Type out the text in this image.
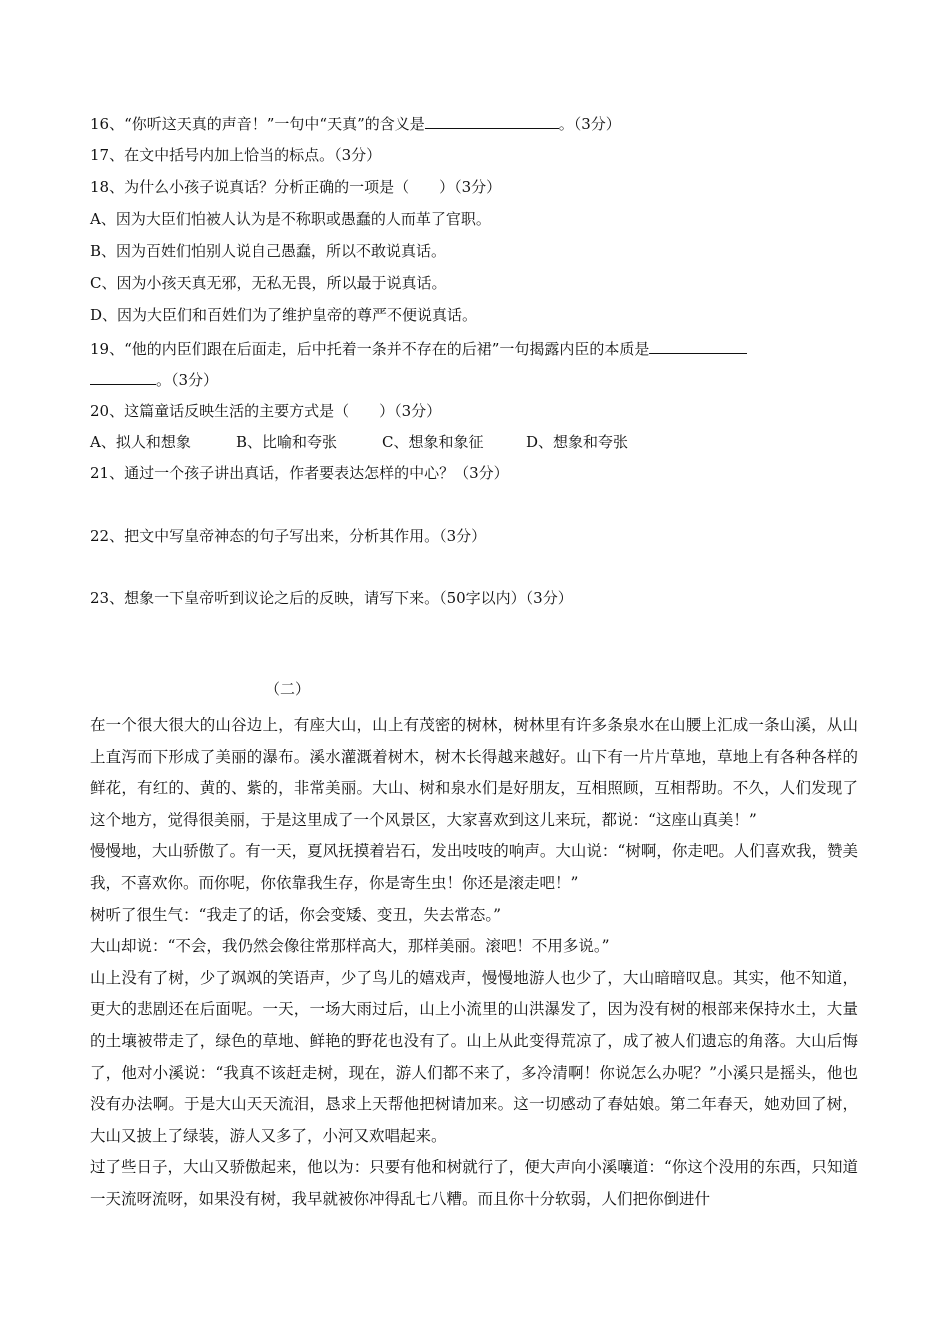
16、“你听这天真的声音！”一句中“天真”的含义是	。（3分）
17、在文中括号内加上恰当的标点。（3分）
18、为什么小孩子说真话？分析正确的一项是（　　）（3分）
A、因为大臣们怕被人认为是不称职或愚蠢的人而革了官职。
B、因为百姓们怕别人说自己愚蠢，所以不敢说真话。
C、因为小孩天真无邪，无私无畏，所以最于说真话。
D、因为大臣们和百姓们为了维护皇帝的尊严不便说真话。
19、“他的内臣们跟在后面走，后中托着一条并不存在的后裙”一句揭露内臣的本质是
。（3分）
20、这篇童话反映生活的主要方式是（　　）（3分）
A、拟人和想象	B、比喻和夸张	C、想象和象征	D、想象和夸张
21、通过一个孩子讲出真话，作者要表达怎样的中心？（3分）
22、把文中写皇帝神态的句子写出来，分析其作用。（3分）
23、想象一下皇帝听到议论之后的反映，请写下来。（50字以内）（3分）
（二）

在一个很大很大的山谷边上，有座大山，山上有茂密的树林，树林里有许多条泉水在山腰上汇成一条山溪，从山上直泻而下形成了美丽的瀑布。溪水灌溉着树木，树木长得越来越好。山下有一片片草地，草地上有各种各样的鲜花，有红的、黄的、紫的，非常美丽。大山、树和泉水们是好朋友，互相照顾，互相帮助。不久，人们发现了这个地方，觉得很美丽，于是这里成了一个风景区，大家喜欢到这儿来玩，都说：“这座山真美！”

慢慢地，大山骄傲了。有一天，夏风抚摸着岩石，发出吱吱的响声。大山说：“树啊，你走吧。人们喜欢我，赞美我，不喜欢你。而你呢，你依靠我生存，你是寄生虫！你还是滚走吧！”

树听了很生气：“我走了的话，你会变矮、变丑，失去常态。”

大山却说：“不会，我仍然会像往常那样高大，那样美丽。滚吧！不用多说。”

山上没有了树，少了飒飒的笑语声，少了鸟儿的嬉戏声，慢慢地游人也少了，大山暗暗叹息。其实，他不知道，更大的悲剧还在后面呢。一天，一场大雨过后，山上小流里的山洪瀑发了，因为没有树的根部来保持水土，大量的土壤被带走了，绿色的草地、鲜艳的野花也没有了。山上从此变得荒凉了，成了被人们遗忘的角落。大山后悔了，他对小溪说：“我真不该赶走树，现在，游人们都不来了，多冷清啊！你说怎么办呢？”小溪只是摇头，他也没有办法啊。于是大山天天流泪，恳求上天帮他把树请加来。这一切感动了春姑娘。第二年春天，她劝回了树，大山又披上了绿装，游人又多了，小河又欢唱起来。

过了些日子，大山又骄傲起来，他以为：只要有他和树就行了，便大声向小溪嚷道：“你这个没用的东西，只知道一天流呀流呀，如果没有树，我早就被你冲得乱七八糟。而且你十分软弱，人们把你倒进什
